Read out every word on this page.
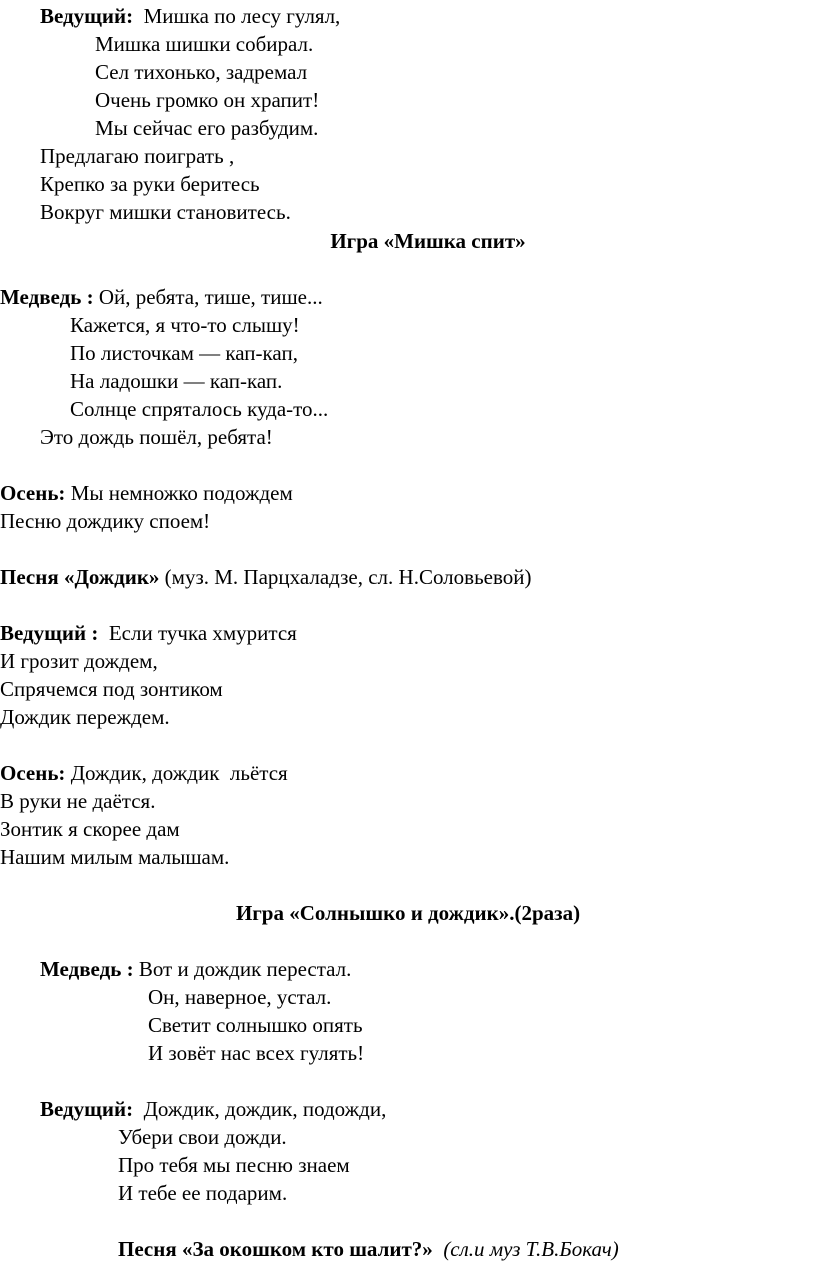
Ведущий:  Мишка по лесу гулял,
Мишка шишки собирал.
Сел тихонько, задремал
Очень громко он храпит!
Мы сейчас его разбудим.
Предлагаю поиграть ,
Крепко за руки беритесь
Вокруг мишки становитесь.
Игра «Мишка спит»
Медведь : Ой, ребята, тише, тише...
Кажется, я что-то слышу!
По листочкам — кап-кап,
На ладошки — кап-кап.
Солнце спряталось куда-то...
Это дождь пошёл, ребята!
Осень: Мы немножко подождем
Песню дождику споем!
Песня «Дождик» (муз. М. Парцхаладзе, сл. Н.Соловьевой)
Ведущий :  Если тучка хмурится
И грозит дождем,
Спрячемся под зонтиком
Дождик переждем.
Осень: Дождик, дождик  льётся
В руки не даётся.
Зонтик я скорее дам
Нашим милым малышам.
Игра «Солнышко и дождик».(2раза)
Медведь : Вот и дождик перестал.
Он, наверное, устал.
Светит солнышко опять
И зовёт нас всех гулять!
Ведущий:  Дождик, дождик, подожди,
Убери свои дожди.
Про тебя мы песню знаем
И тебе ее подарим.
Песня «За окошком кто шалит?» (сл.и муз Т.В.Бокач)
